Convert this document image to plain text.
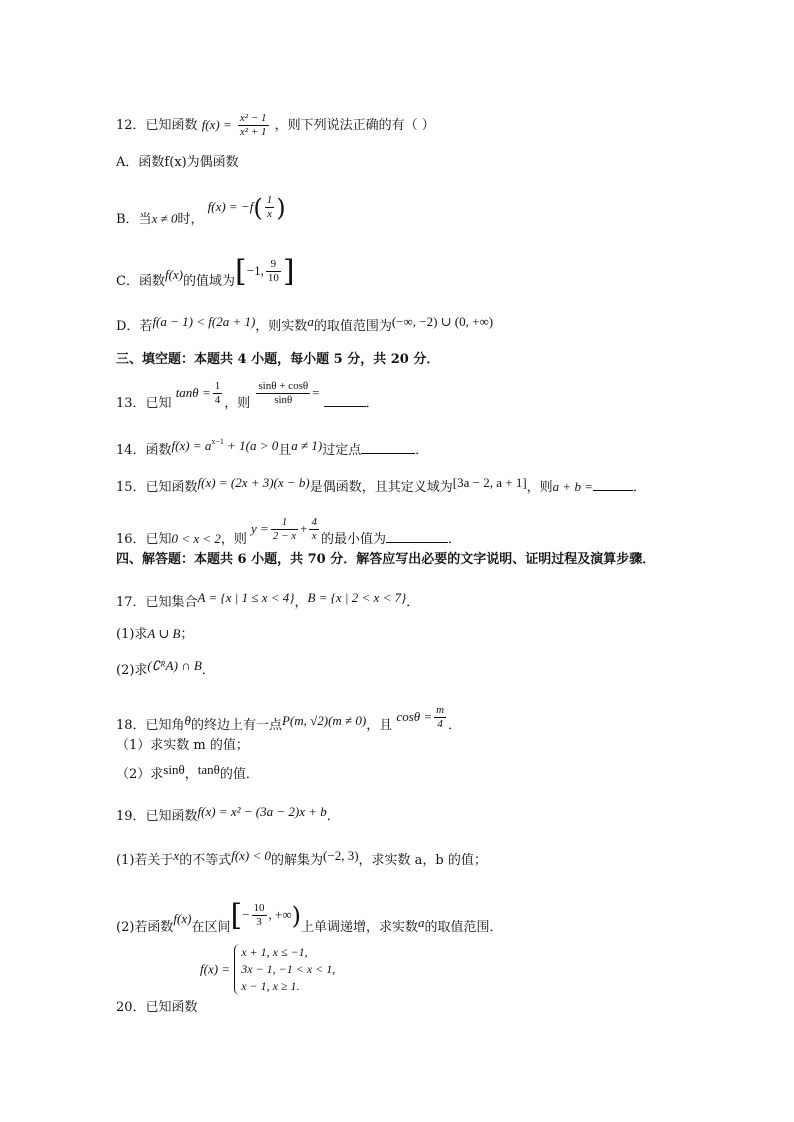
12．已知函数 $f(x) = \frac{\text{x² − 1}}{\text{x² + 1}}$ ，则下列说法正确的有（ ）
A．函数f(x)为偶函数
B．当x ≠ 0时， $f(x) = -f( \frac{1}{x}$ )
C．函数f(x)的值域为[−1, $\frac{9}{10}$ ]
D．若f(a − 1) < f(2a + 1)，则实数a的取值范围为(−∞, −2) ∪ (0, +∞)
三、填空题：本题共 4 小题，每小题 5 分，共 20 分．
13．已知 $\tan\theta = \frac{1}{4}$ ，则 $\frac{\sin\theta + \cos\theta}{\sin\theta}$ = ．
14．函数$f(x) = a^{x-1} + 1(a > 0$且a ≠ 1)过定点	．
15．已知函数f(x) = (2x + 3)(x − b)是偶函数，且其定义域为[3a − 2, a + 1]，则a + b =	．
16．已知0 < x < 2，则 $y = \frac{1}{2 - x} + \frac{4}{x}$ 的最小值为	．
四、解答题：本题共 6 小题，共 70 分．解答应写出必要的文字说明、证明过程及演算步骤．
17．已知集合A = {x | 1 ≤ x < 4}，B = {x | 2 < x < 7}．
(1)求A ∪ B；
(2)求(∁ᴿA) ∩ B．
18．已知角θ的终边上有一点P(m, √2)(m ≠ 0)，且 $\cos\theta = \frac{m}{4}$ ．
（1）求实数 m 的值；
（2）求sinθ，tanθ的值．
19．已知函数f(x) = x² − (3a − 2)x + b．
(1)若关于x的不等式f(x) < 0的解集为(−2, 3)，求实数 a，b 的值；
(2)若函数f(x)在区间[− $\frac{10}{3}$ , +∞)上单调递增，求实数a的取值范围．
f(x) =
x + 1, x ≤ −1,
3x − 1, −1 < x < 1,
x − 1, x ≥ 1.
20．已知函数
